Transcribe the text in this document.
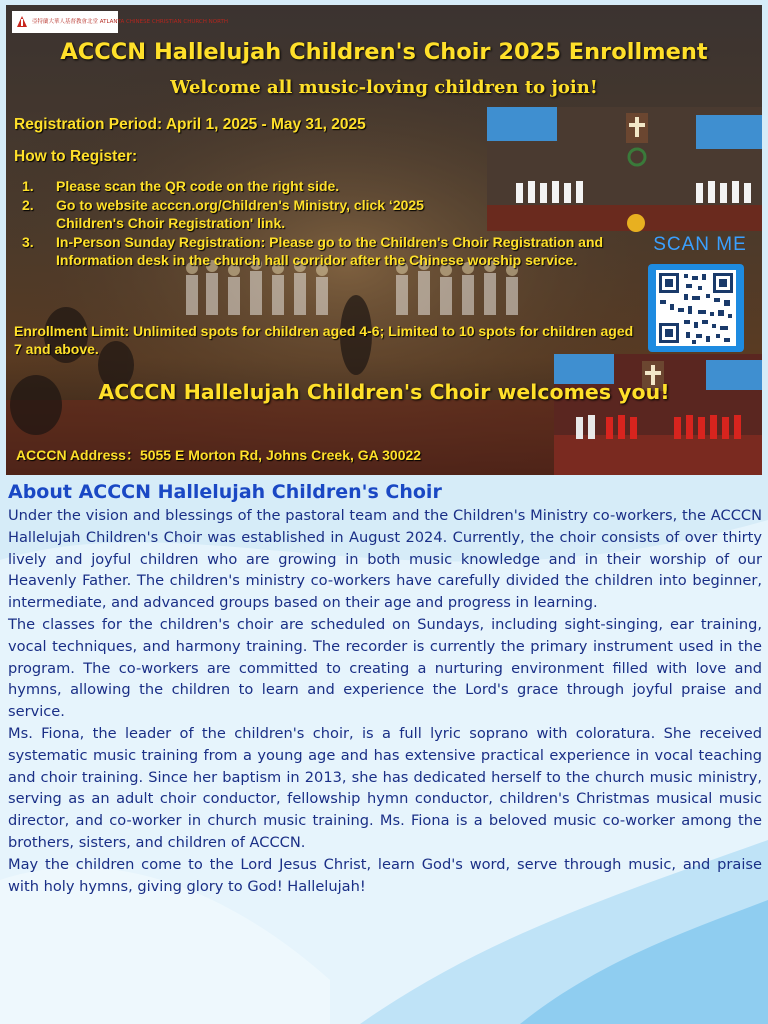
亞特蘭大華人基督教會北堂 ATLANTA CHINESE CHRISTIAN CHURCH NORTH
ACCCN Hallelujah Children's Choir 2025 Enrollment
Welcome all music-loving children to join!
Registration Period: April 1, 2025 - May 31, 2025
How to Register:
1. Please scan the QR code on the right side.
2. Go to website acccn.org/Children's Ministry, click ‘2025 Children's Choir Registration' link.
3. In-Person Sunday Registration: Please go to the Children's Choir Registration and Information desk in the church hall corridor after the Chinese worship service.
Enrollment Limit: Unlimited spots for children aged 4-6; Limited to 10 spots for children aged 7 and above.
SCAN ME
ACCCN Hallelujah Children's Choir welcomes you!
ACCCN Address：5055 E Morton Rd, Johns Creek, GA 30022
About ACCCN Hallelujah Children's Choir

Under the vision and blessings of the pastoral team and the Children's Ministry co-workers, the ACCCN Hallelujah Children's Choir was established in August 2024. Currently, the choir consists of over thirty lively and joyful children who are growing in both music knowledge and in their worship of our Heavenly Father. The children's ministry co-workers have carefully divided the children into beginner, intermediate, and advanced groups based on their age and progress in learning.

The classes for the children's choir are scheduled on Sundays, including sight-singing, ear training, vocal techniques, and harmony training. The recorder is currently the primary instrument used in the program. The co-workers are committed to creating a nurturing environment filled with love and hymns, allowing the children to learn and experience the Lord's grace through joyful praise and service.

Ms. Fiona, the leader of the children's choir, is a full lyric soprano with coloratura. She received systematic music training from a young age and has extensive practical experience in vocal teaching and choir training. Since her baptism in 2013, she has dedicated herself to the church music ministry, serving as an adult choir conductor, fellowship hymn conductor, children's Christmas musical music director, and co-worker in church music training. Ms. Fiona is a beloved music co-worker among the brothers, sisters, and children of ACCCN.

May the children come to the Lord Jesus Christ, learn God's word, serve through music, and praise with holy hymns, giving glory to God! Hallelujah!
